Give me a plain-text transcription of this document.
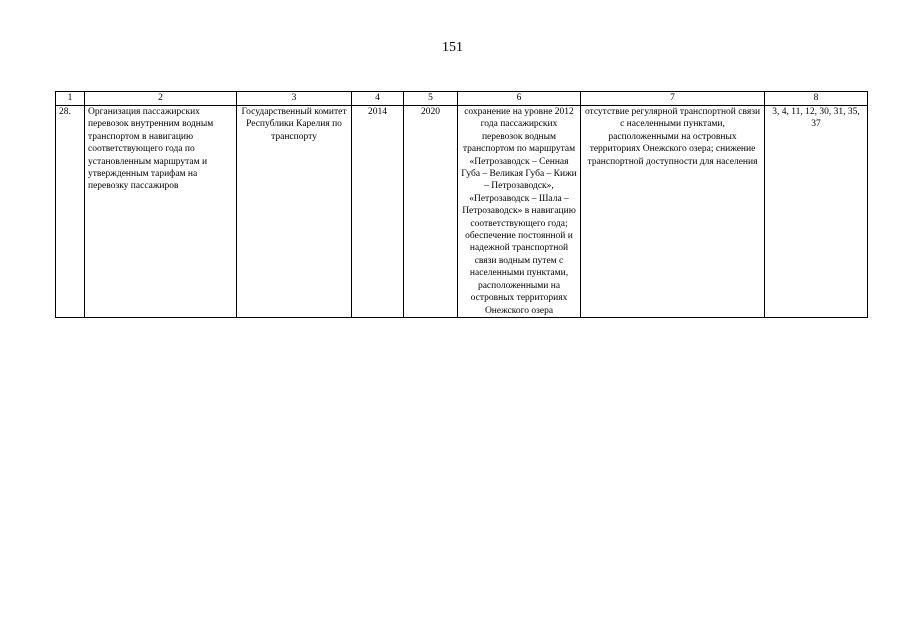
151
1	2	3	4	5	6	7	8
28.	Организация пассажирских перевозок внутренним водным транспортом в навигацию соответствующего года по установленным маршрутам и утвержденным тарифам на перевозку пассажиров	Государственный комитет Республики Карелия по транспорту	2014	2020	сохранение на уровне 2012 года пассажирских перевозок водным транспортом по маршрутам «Петрозаводск – Сенная Губа – Великая Губа – Кижи – Петрозаводск», «Петрозаводск – Шала – Петрозаводск» в навигацию соответствующего года; обеспечение постоянной и надежной транспортной связи водным путем с населенными пунктами, расположенными на островных территориях Онежского озера	отсутствие регулярной транспортной связи с населенными пунктами, расположенными на островных территориях Онежского озера; снижение транспортной доступности для населения	3, 4, 11, 12, 30, 31, 35, 37
